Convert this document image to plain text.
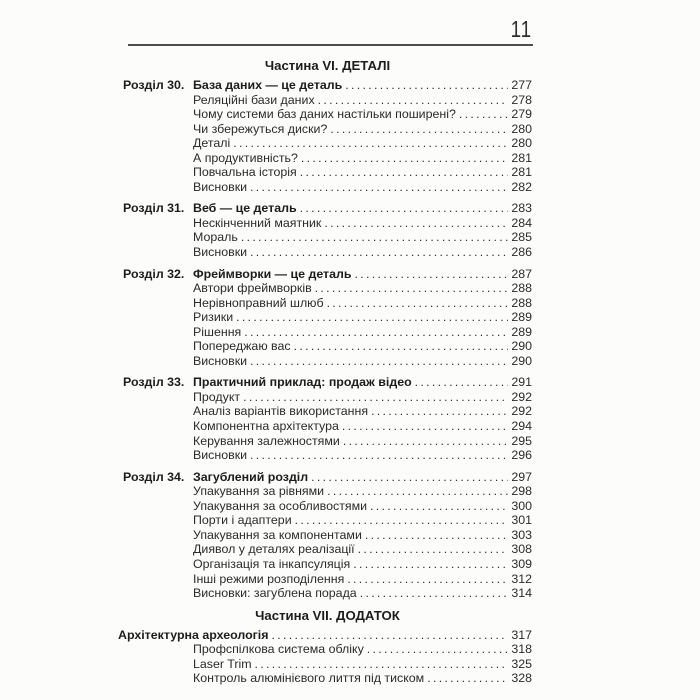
11
Частина VI. ДЕТАЛІ
Розділ 30. База даних — це деталь .....	277
Реляційні бази даних .....	278
Чому системи баз даних настільки поширені? .....	279
Чи збережуться диски? .....	280
Деталі .....	280
А продуктивність? .....	281
Повчальна історія .....	281
Висновки .....	282
Розділ 31. Веб — це деталь .....	283
Нескінченний маятник .....	284
Мораль .....	285
Висновки .....	286
Розділ 32. Фреймворки — це деталь .....	287
Автори фреймворків .....	288
Нерівноправний шлюб .....	288
Ризики .....	289
Рішення .....	289
Попереджаю вас .....	290
Висновки .....	290
Розділ 33. Практичний приклад: продаж відео .....	291
Продукт .....	292
Аналіз варіантів використання .....	292
Компонентна архітектура .....	294
Керування залежностями .....	295
Висновки .....	296
Розділ 34. Загублений розділ .....	297
Упакування за рівнями .....	298
Упакування за особливостями .....	300
Порти і адаптери .....	301
Упакування за компонентами .....	303
Диявол у деталях реалізації .....	308
Організація та інкапсуляція .....	309
Інші режими розподілення .....	312
Висновки: загублена порада .....	314
Частина VII. ДОДАТОК
Архітектурна археологія .....	317
Профспілкова система обліку .....	318
Laser Trim .....	325
Контроль алюмінієвого лиття під тиском .....	328
